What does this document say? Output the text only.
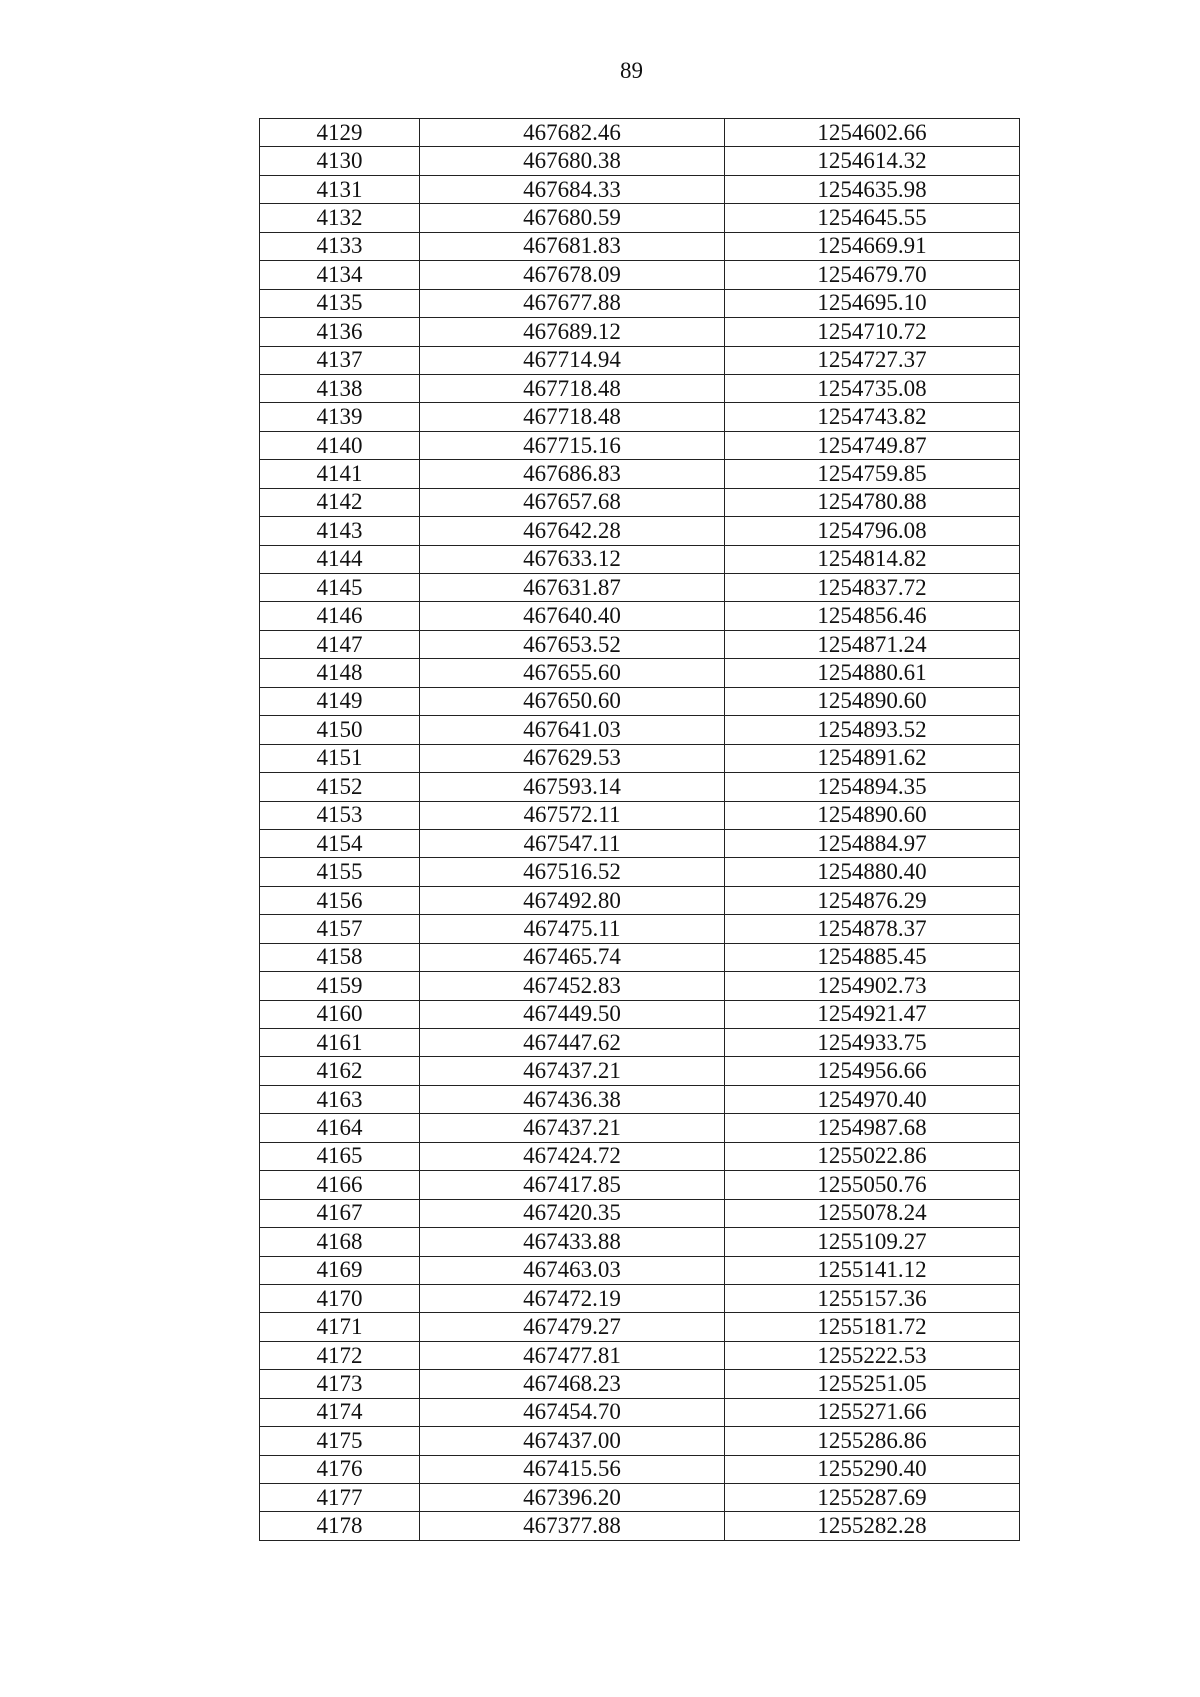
89
4129	467682.46	1254602.66
4130	467680.38	1254614.32
4131	467684.33	1254635.98
4132	467680.59	1254645.55
4133	467681.83	1254669.91
4134	467678.09	1254679.70
4135	467677.88	1254695.10
4136	467689.12	1254710.72
4137	467714.94	1254727.37
4138	467718.48	1254735.08
4139	467718.48	1254743.82
4140	467715.16	1254749.87
4141	467686.83	1254759.85
4142	467657.68	1254780.88
4143	467642.28	1254796.08
4144	467633.12	1254814.82
4145	467631.87	1254837.72
4146	467640.40	1254856.46
4147	467653.52	1254871.24
4148	467655.60	1254880.61
4149	467650.60	1254890.60
4150	467641.03	1254893.52
4151	467629.53	1254891.62
4152	467593.14	1254894.35
4153	467572.11	1254890.60
4154	467547.11	1254884.97
4155	467516.52	1254880.40
4156	467492.80	1254876.29
4157	467475.11	1254878.37
4158	467465.74	1254885.45
4159	467452.83	1254902.73
4160	467449.50	1254921.47
4161	467447.62	1254933.75
4162	467437.21	1254956.66
4163	467436.38	1254970.40
4164	467437.21	1254987.68
4165	467424.72	1255022.86
4166	467417.85	1255050.76
4167	467420.35	1255078.24
4168	467433.88	1255109.27
4169	467463.03	1255141.12
4170	467472.19	1255157.36
4171	467479.27	1255181.72
4172	467477.81	1255222.53
4173	467468.23	1255251.05
4174	467454.70	1255271.66
4175	467437.00	1255286.86
4176	467415.56	1255290.40
4177	467396.20	1255287.69
4178	467377.88	1255282.28
